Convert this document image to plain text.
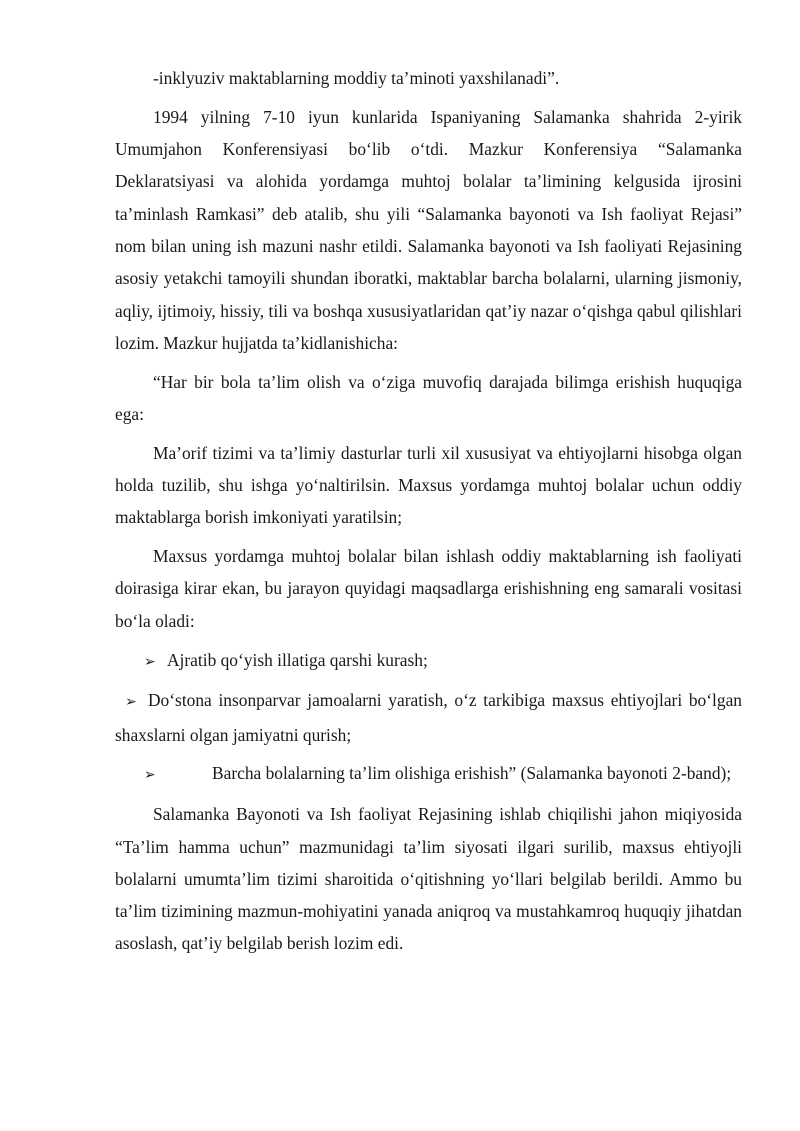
-inklyuziv maktablarning moddiy ta’minoti yaxshilanadi”.

1994 yilning 7-10 iyun kunlarida Ispaniyaning Salamanka shahrida 2-yirik Umumjahon Konferensiyasi bo‘lib o‘tdi. Mazkur Konferensiya “Salamanka Deklaratsiyasi va alohida yordamga muhtoj bolalar ta’limining kelgusida ijrosini ta’minlash Ramkasi” deb atalib, shu yili “Salamanka bayonoti va Ish faoliyat Rejasi” nom bilan uning ish mazuni nashr etildi. Salamanka bayonoti va Ish faoliyati Rejasining asosiy yetakchi tamoyili shundan iboratki, maktablar barcha bolalarni, ularning jismoniy, aqliy, ijtimoiy, hissiy, tili va boshqa xususiyatlaridan qat’iy nazar o‘qishga qabul qilishlari lozim. Mazkur hujjatda ta’kidlanishicha:

“Har bir bola ta’lim olish va o‘ziga muvofiq darajada bilimga erishish huquqiga ega:

Ma’orif tizimi va ta’limiy dasturlar turli xil xususiyat va ehtiyojlarni hisobga olgan holda tuzilib, shu ishga yo‘naltirilsin. Maxsus yordamga muhtoj bolalar uchun oddiy maktablarga borish imkoniyati yaratilsin;

Maxsus yordamga muhtoj bolalar bilan ishlash oddiy maktablarning ish faoliyati doirasiga kirar ekan, bu jarayon quyidagi maqsadlarga erishishning eng samarali vositasi bo‘la oladi:

➢ Ajratib qo‘yish illatiga qarshi kurash;

➢ Do‘stona insonparvar jamoalarni yaratish, o‘z tarkibiga maxsus ehtiyojlari bo‘lgan shaxslarni olgan jamiyatni qurish;

➢	Barcha bolalarning ta’lim olishiga erishish” (Salamanka bayonoti 2-band);

Salamanka Bayonoti va Ish faoliyat Rejasining ishlab chiqilishi jahon miqiyosida “Ta’lim hamma uchun” mazmunidagi ta’lim siyosati ilgari surilib, maxsus ehtiyojli bolalarni umumta’lim tizimi sharoitida o‘qitishning yo‘llari belgilab berildi. Ammo bu ta’lim tizimining mazmun-mohiyatini yanada aniqroq va mustahkamroq huquqiy jihatdan asoslash, qat’iy belgilab berish lozim edi.
